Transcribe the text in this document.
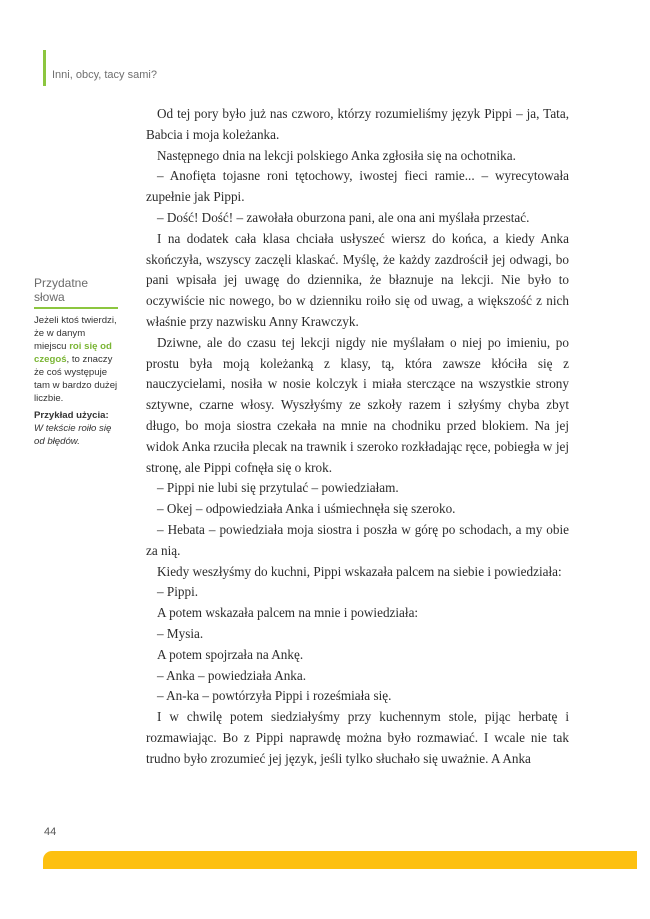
Inni, obcy, tacy sami?
Przydatne słowa

Jeżeli ktoś twierdzi, że w danym miejscu roi się od czegoś, to znaczy że coś występuje tam w bardzo dużej liczbie.

Przykład użycia:
W tekście roiło się od błędów.

Od tej pory było już nas czworo, którzy rozumieliśmy język Pippi – ja, Tata, Babcia i moja koleżanka.

Następnego dnia na lekcji polskiego Anka zgłosiła się na ochotnika.

– Anofięta tojasne roni tętochowy, iwostej fieci ramie... – wyrecytowała zupełnie jak Pippi.

– Dość! Dość! – zawołała oburzona pani, ale ona ani myślała przestać.

I na dodatek cała klasa chciała usłyszeć wiersz do końca, a kiedy Anka skończyła, wszyscy zaczęli klaskać. Myślę, że każdy zazdrościł jej odwagi, bo pani wpisała jej uwagę do dziennika, że błaznuje na lekcji. Nie było to oczywiście nic nowego, bo w dzienniku roiło się od uwag, a większość z nich właśnie przy nazwisku Anny Krawczyk.

Dziwne, ale do czasu tej lekcji nigdy nie myślałam o niej po imieniu, po prostu była moją koleżanką z klasy, tą, która zawsze kłóciła się z nauczycielami, nosiła w nosie kolczyk i miała sterczące na wszystkie strony sztywne, czarne włosy. Wyszłyśmy ze szkoły razem i szłyśmy chyba zbyt długo, bo moja siostra czekała na mnie na chodniku przed blokiem. Na jej widok Anka rzuciła plecak na trawnik i szeroko rozkładając ręce, pobiegła w jej stronę, ale Pippi cofnęła się o krok.

– Pippi nie lubi się przytulać – powiedziałam.

– Okej – odpowiedziała Anka i uśmiechnęła się szeroko.

– Hebata – powiedziała moja siostra i poszła w górę po schodach, a my obie za nią.

Kiedy weszłyśmy do kuchni, Pippi wskazała palcem na siebie i powiedziała:

– Pippi.

A potem wskazała palcem na mnie i powiedziała:

– Mysia.

A potem spojrzała na Ankę.

– Anka – powiedziała Anka.

– An-ka – powtórzyła Pippi i roześmiała się.

I w chwilę potem siedziałyśmy przy kuchennym stole, pijąc herbatę i rozmawiając. Bo z Pippi naprawdę można było rozmawiać. I wcale nie tak trudno było zrozumieć jej język, jeśli tylko słuchało się uważnie. A Anka

44
